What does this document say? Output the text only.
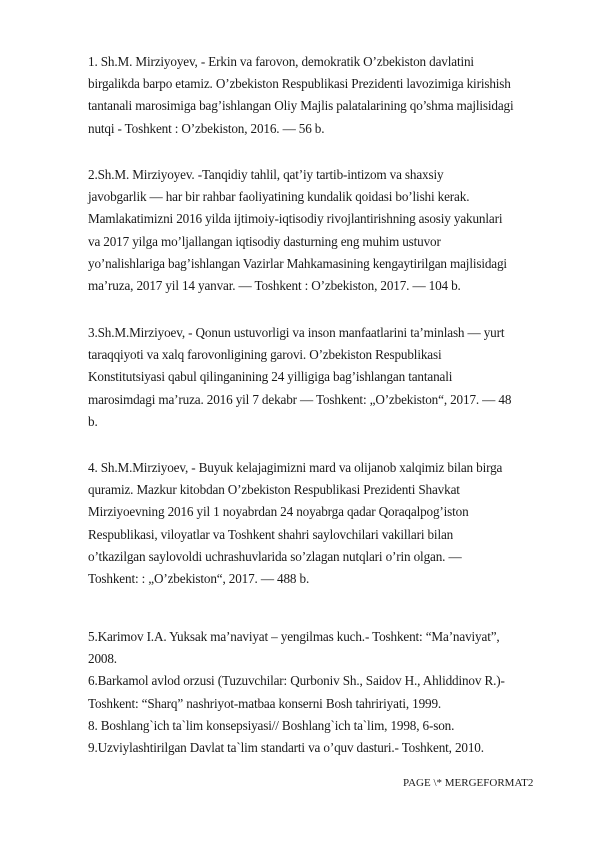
1. Sh.M. Mirziyoyev, - Erkin va farovon, demokratik O’zbekiston davlatini
birgalikda barpo etamiz. O’zbekiston Respublikasi Prezidenti lavozimiga kirishish
tantanali marosimiga bag’ishlangan Oliy Majlis palatalarining qo’shma majlisidagi
nutqi - Toshkent : O’zbekiston, 2016. — 56 b.
2.Sh.M. Mirziyoyev. -Tanqidiy tahlil, qat’iy tartib-intizom va shaxsiy
javobgarlik — har bir rahbar faoliyatining kundalik qoidasi bo’lishi kerak.
Mamlakatimizni 2016 yilda ijtimoiy-iqtisodiy rivojlantirishning asosiy yakunlari
va 2017 yilga mo’ljallangan iqtisodiy dasturning eng muhim ustuvor
yo’nalishlariga bag’ishlangan Vazirlar Mahkamasining kengaytirilgan majlisidagi
ma’ruza, 2017 yil 14 yanvar. — Toshkent : O’zbekiston, 2017. — 104 b.
3.Sh.M.Mirziyoev, - Qonun ustuvorligi va inson manfaatlarini ta’minlash — yurt
taraqqiyoti va xalq farovonligining garovi. O’zbekiston Respublikasi
Konstitutsiyasi qabul qilinganining 24 yilligiga bag’ishlangan tantanali
marosimdagi ma’ruza. 2016 yil 7 dekabr — Toshkent: „O’zbekiston“, 2017. — 48
b.
4. Sh.M.Mirziyoev, - Buyuk kelajagimizni mard va olijanob xalqimiz bilan birga
quramiz. Mazkur kitobdan O’zbekiston Respublikasi Prezidenti Shavkat
Mirziyoevning 2016 yil 1 noyabrdan 24 noyabrga qadar Qoraqalpog’iston
Respublikasi, viloyatlar va Toshkent shahri saylovchilari vakillari bilan
o’tkazilgan saylovoldi uchrashuvlarida so’zlagan nutqlari o’rin olgan. —
Toshkent: : „O’zbekiston“, 2017. — 488 b.
5.Karimov I.A. Yuksak ma’naviyat – yengilmas kuch.- Toshkent: “Ma’naviyat”,
2008.
6.Barkamol avlod orzusi (Tuzuvchilar: Qurboniv Sh., Saidov H., Ahliddinov R.)-
Toshkent: “Sharq” nashriyot-matbaa konserni Bosh tahririyati, 1999.
8. Boshlang`ich ta`lim konsepsiyasi// Boshlang`ich ta`lim, 1998, 6-son.
9.Uzviylashtirilgan Davlat ta`lim standarti va o’quv dasturi.- Toshkent, 2010.
PAGE \* MERGEFORMAT2
